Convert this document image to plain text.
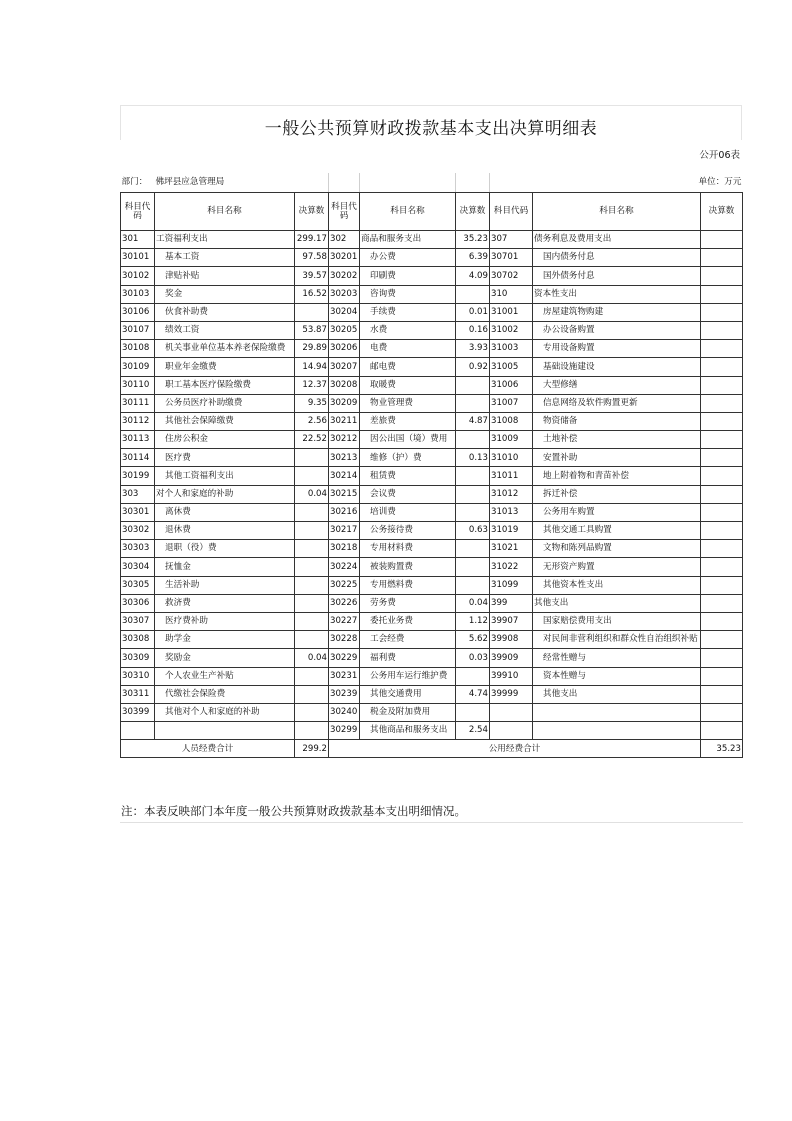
一般公共预算财政拨款基本支出决算明细表
公开06表
部门：	佛坪县应急管理局							单位：万元
科目代码	科目名称	决算数	科目代码	科目名称	决算数	科目代码	科目名称	决算数
301	工资福利支出	299.17	302	商品和服务支出	35.23	307	债务利息及费用支出	
30101	基本工资	97.58	30201	办公费	6.39	30701	国内债务付息	
30102	津贴补贴	39.57	30202	印刷费	4.09	30702	国外债务付息	
30103	奖金	16.52	30203	咨询费		310	资本性支出	
30106	伙食补助费		30204	手续费	0.01	31001	房屋建筑物购建	
30107	绩效工资	53.87	30205	水费	0.16	31002	办公设备购置	
30108	机关事业单位基本养老保险缴费	29.89	30206	电费	3.93	31003	专用设备购置	
30109	职业年金缴费	14.94	30207	邮电费	0.92	31005	基础设施建设	
30110	职工基本医疗保险缴费	12.37	30208	取暖费		31006	大型修缮	
30111	公务员医疗补助缴费	9.35	30209	物业管理费		31007	信息网络及软件购置更新	
30112	其他社会保障缴费	2.56	30211	差旅费	4.87	31008	物资储备	
30113	住房公积金	22.52	30212	因公出国（境）费用		31009	土地补偿	
30114	医疗费		30213	维修（护）费	0.13	31010	安置补助	
30199	其他工资福利支出		30214	租赁费		31011	地上附着物和青苗补偿	
303	对个人和家庭的补助	0.04	30215	会议费		31012	拆迁补偿	
30301	离休费		30216	培训费		31013	公务用车购置	
30302	退休费		30217	公务接待费	0.63	31019	其他交通工具购置	
30303	退职（役）费		30218	专用材料费		31021	文物和陈列品购置	
30304	抚恤金		30224	被装购置费		31022	无形资产购置	
30305	生活补助		30225	专用燃料费		31099	其他资本性支出	
30306	救济费		30226	劳务费	0.04	399	其他支出	
30307	医疗费补助		30227	委托业务费	1.12	39907	国家赔偿费用支出	
30308	助学金		30228	工会经费	5.62	39908	对民间非营利组织和群众性自治组织补贴	
30309	奖励金	0.04	30229	福利费	0.03	39909	经常性赠与	
30310	个人农业生产补贴		30231	公务用车运行维护费		39910	资本性赠与	
30311	代缴社会保险费		30239	其他交通费用	4.74	39999	其他支出	
30399	其他对个人和家庭的补助		30240	税金及附加费用				
			30299	其他商品和服务支出	2.54			
人员经费合计		299.2	公用经费合计					35.23
注：本表反映部门本年度一般公共预算财政拨款基本支出明细情况。
